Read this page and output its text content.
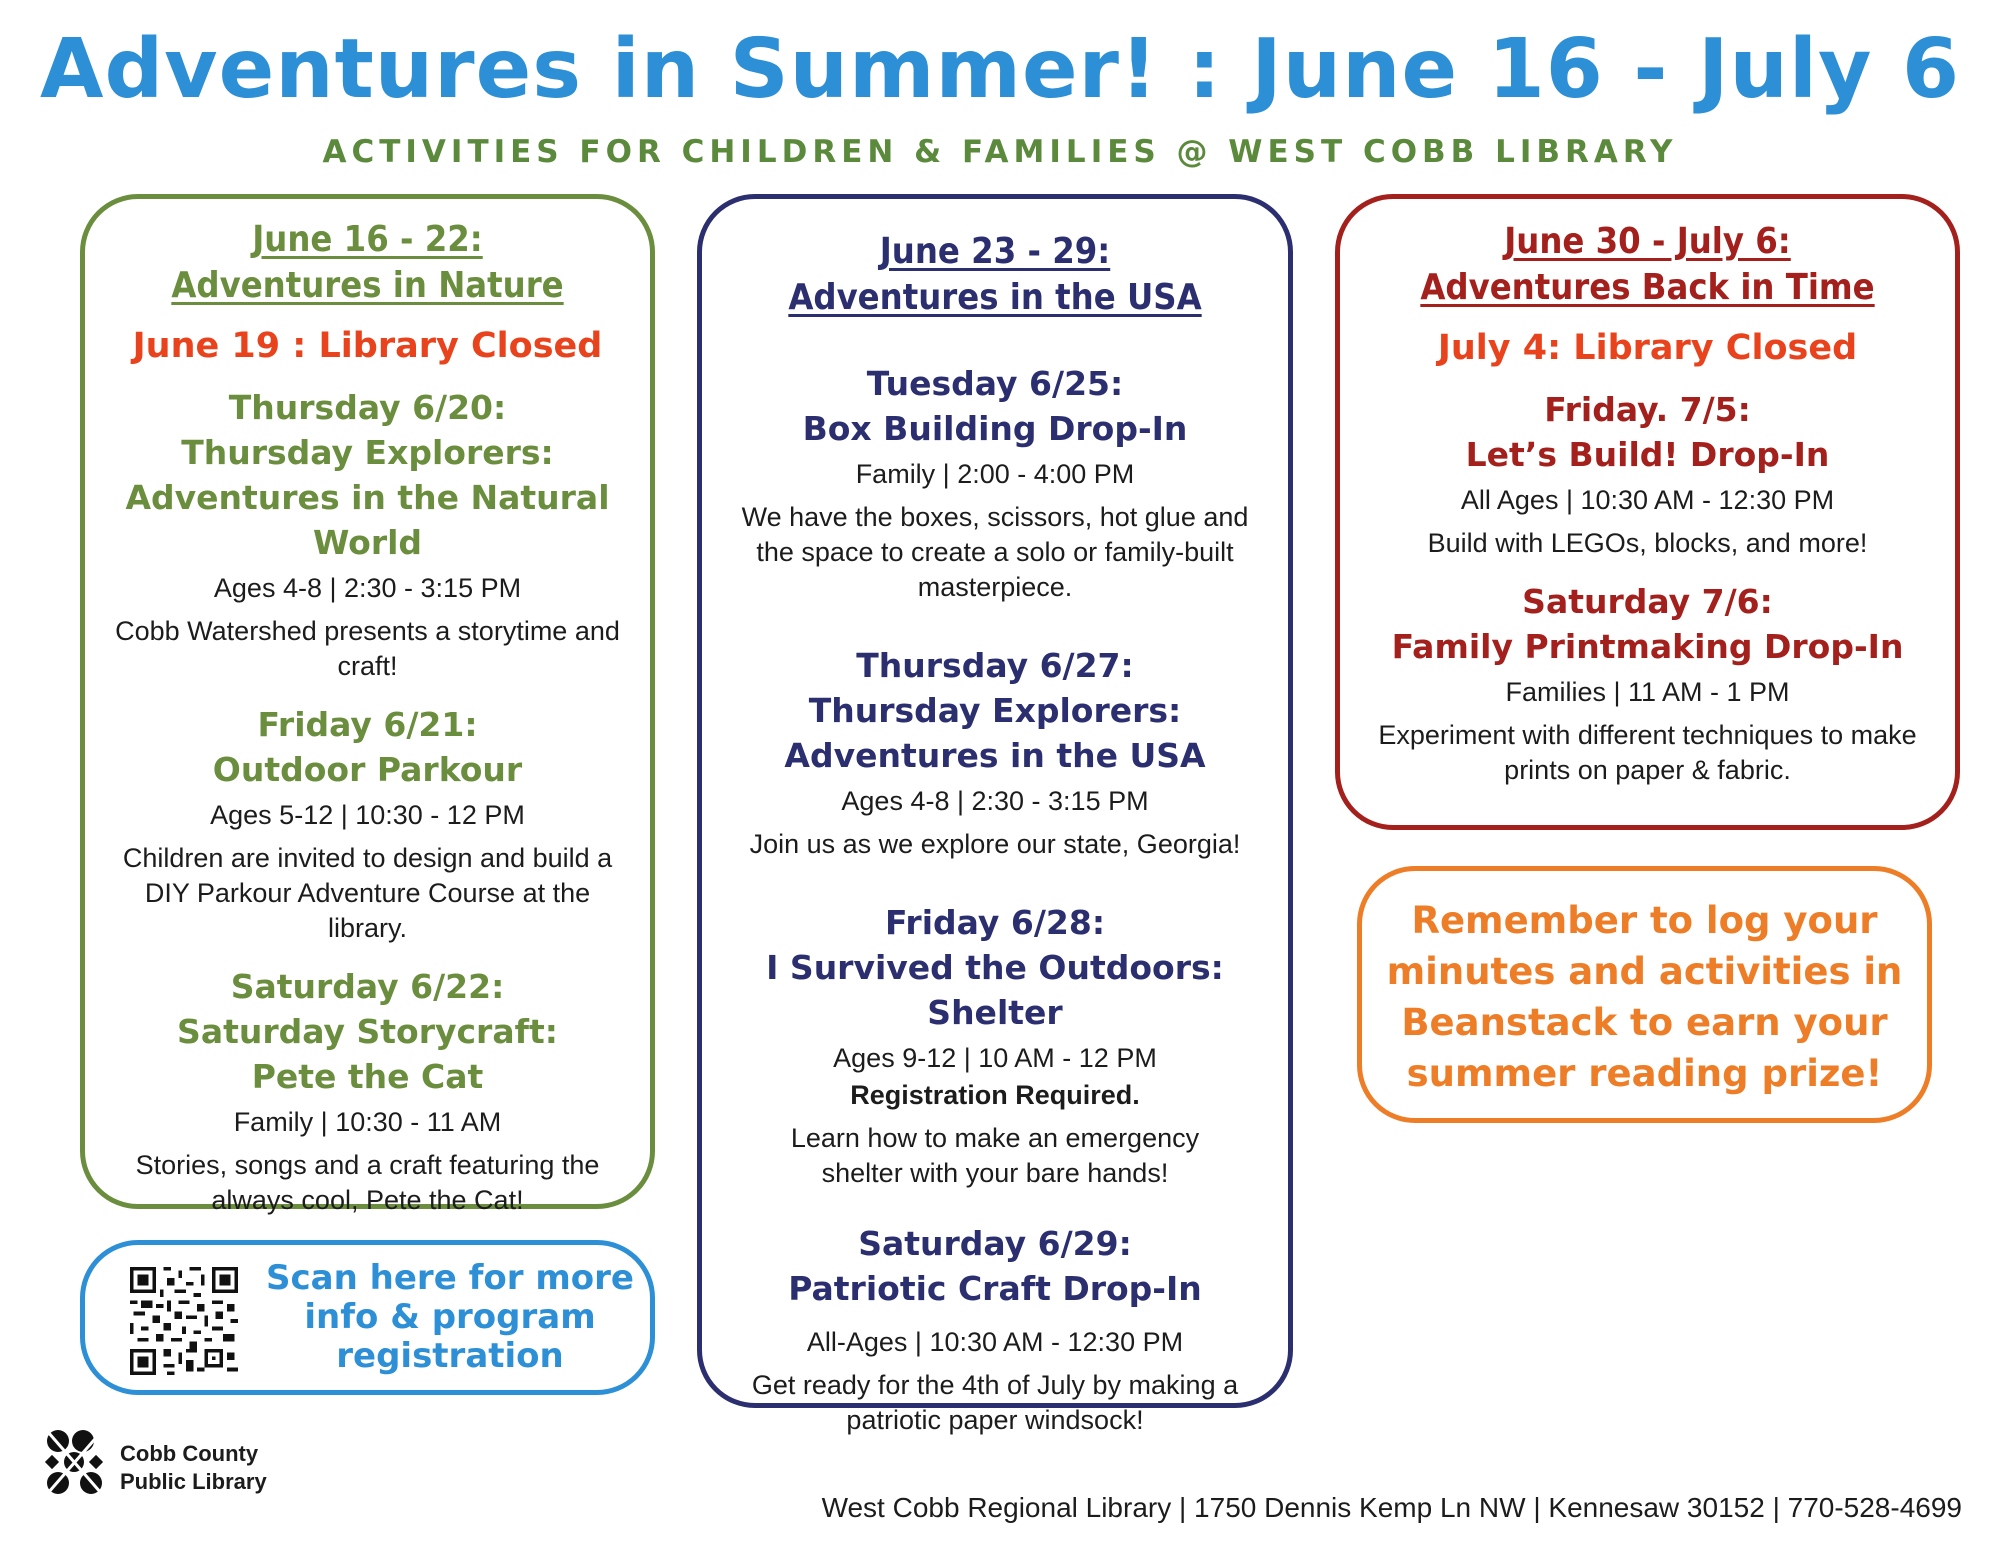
Adventures in Summer! : June 16 - July 6
ACTIVITIES FOR CHILDREN & FAMILIES @ WEST COBB LIBRARY
June 16 - 22:
Adventures in Nature
June 19 : Library Closed
Thursday 6/20:
Thursday Explorers:
Adventures in the Natural World
Ages 4-8 | 2:30 - 3:15 PM
Cobb Watershed presents a storytime and craft!
Friday 6/21:
Outdoor Parkour
Ages 5-12 | 10:30 - 12 PM
Children are invited to design and build a DIY Parkour Adventure Course at the library.
Saturday 6/22:
Saturday Storycraft:
Pete the Cat
Family | 10:30 - 11 AM
Stories, songs and a craft featuring the always cool, Pete the Cat!
June 23 - 29:
Adventures in the USA
Tuesday 6/25:
Box Building Drop-In
Family | 2:00 - 4:00 PM
We have the boxes, scissors, hot glue and the space to create a solo or family-built masterpiece.
Thursday 6/27:
Thursday Explorers:
Adventures in the USA
Ages 4-8 | 2:30 - 3:15 PM
Join us as we explore our state, Georgia!
Friday 6/28:
I Survived the Outdoors: Shelter
Ages 9-12 | 10 AM - 12 PM
Registration Required.
Learn how to make an emergency shelter with your bare hands!
Saturday 6/29:
Patriotic Craft Drop-In
All-Ages | 10:30 AM - 12:30 PM
Get ready for the 4th of July by making a patriotic paper windsock!
June 30 - July 6:
Adventures Back in Time
July 4: Library Closed
Friday. 7/5:
Let’s Build! Drop-In
All Ages | 10:30 AM - 12:30 PM
Build with LEGOs, blocks, and more!
Saturday 7/6:
Family Printmaking Drop-In
Families | 11 AM - 1 PM
Experiment with different techniques to make prints on paper & fabric.
Remember to log your minutes and activities in Beanstack to earn your summer reading prize!
Scan here for more info & program registration
Cobb County
Public Library
West Cobb Regional Library | 1750 Dennis Kemp Ln NW | Kennesaw 30152 | 770-528-4699
